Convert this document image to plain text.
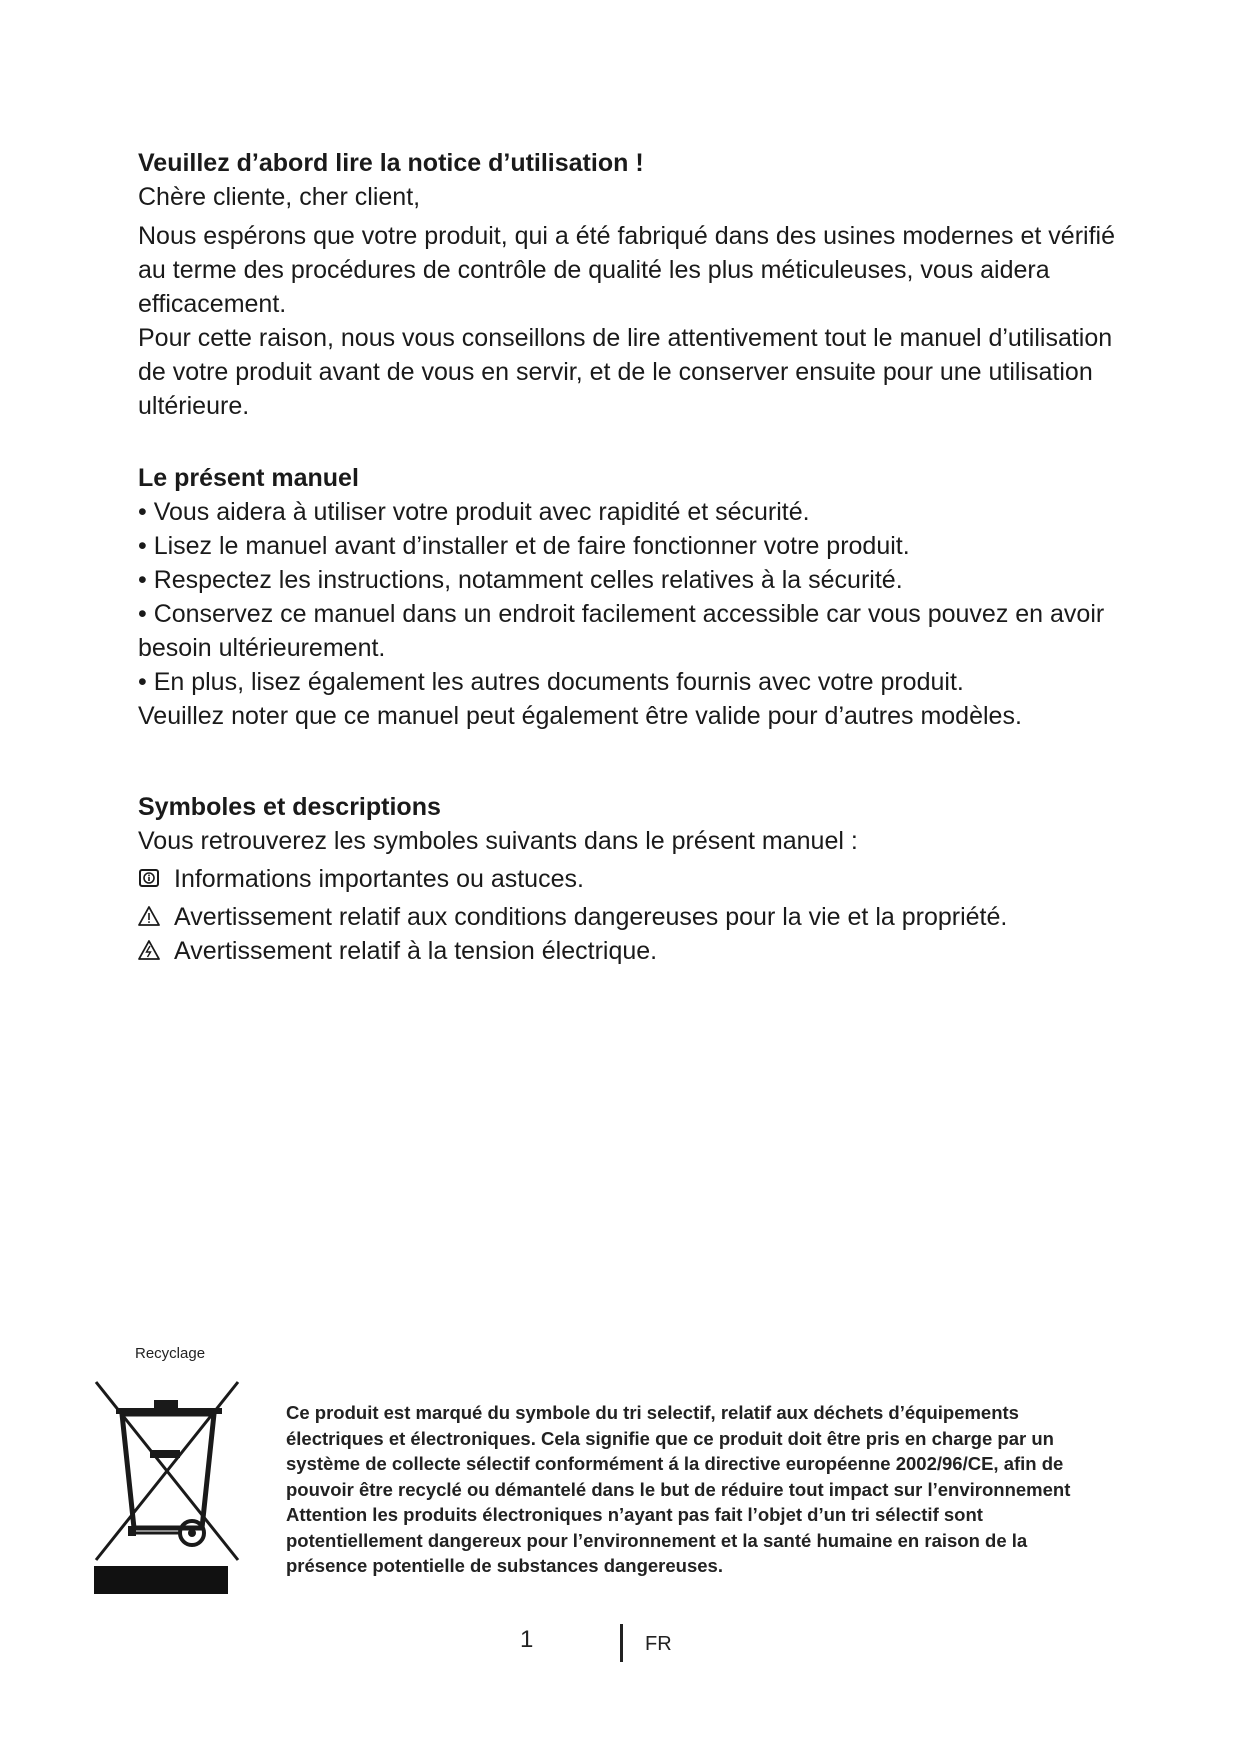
Veuillez d’abord lire la notice d’utilisation !

Chère cliente, cher client,

Nous espérons que votre produit, qui a été fabriqué dans des usines modernes et vérifié au terme des procédures de contrôle de qualité les plus méticuleuses, vous aidera efficacement.

Pour cette raison, nous vous conseillons de lire attentivement tout le manuel d’utilisation de votre produit avant de vous en servir, et de le conserver ensuite pour une utilisation ultérieure.

Le présent manuel

• Vous aidera à utiliser votre produit avec rapidité et sécurité.

• Lisez le manuel avant d’installer et de faire fonctionner votre produit.

• Respectez les instructions, notamment celles relatives à la sécurité.

• Conservez ce manuel dans un endroit facilement accessible car vous pouvez en avoir besoin ultérieurement.

• En plus, lisez également les autres documents fournis avec votre produit.

Veuillez noter que ce manuel peut également être valide pour d’autres modèles.

Symboles et descriptions

Vous retrouverez les symboles suivants dans le présent manuel :

Informations importantes ou astuces.
Avertissement relatif aux conditions dangereuses pour la vie et la propriété.
Avertissement relatif à la tension électrique.
Recyclage
Ce produit est marqué du symbole du tri selectif, relatif aux déchets d’équipements électriques et électroniques. Cela signifie que ce produit doit être pris en charge par un système de collecte sélectif conformément á la directive européenne 2002/96/CE, afin de pouvoir être recyclé ou démantelé dans le but de réduire tout impact sur l’environnement Attention les produits électroniques n’ayant pas fait l’objet d’un tri sélectif sont potentiellement dangereux pour l’environnement et la santé humaine en raison de la présence potentielle de substances dangereuses.
1	FR
